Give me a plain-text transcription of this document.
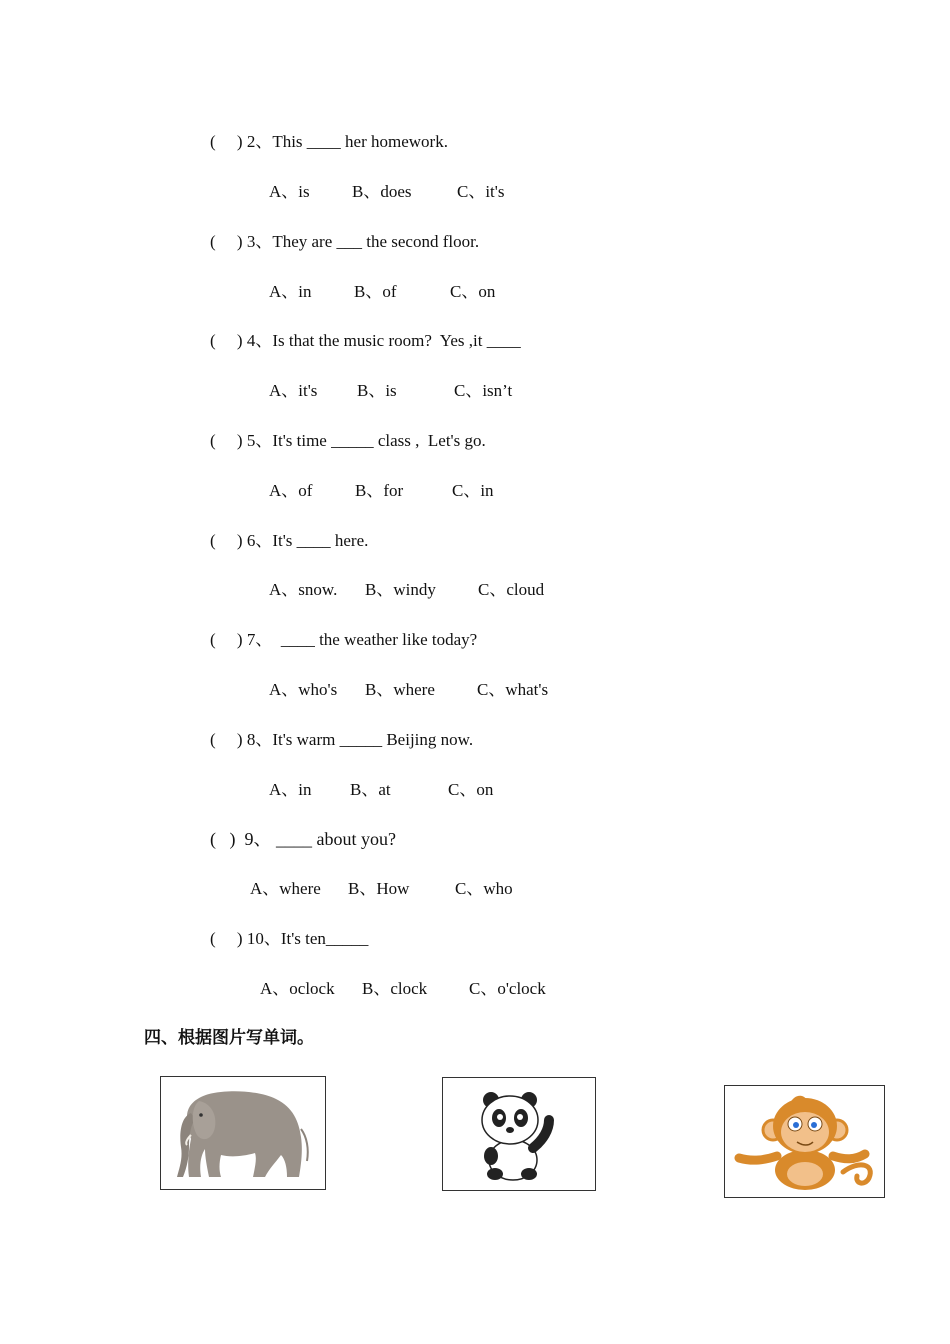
(     ) 2、This ____ her homework.

A、is

B、does

	C、it's

(     ) 3、They are ___ the second floor.

A、in

	B、of

	C、on

(     ) 4、Is that the music room?  Yes ,it ____

A、it's

B、is

	C、isn’t

(     ) 5、It's time _____ class ,  Let's go.

A、of

	B、for

	C、in

(     ) 6、It's ____ here.

A、snow.

B、windy

C、cloud

(     ) 7、  ____ the weather like today?

A、who's

B、where

C、what's

(     ) 8、It's warm _____ Beijing now.

A、in

B、at

	C、on

(   )  9、 ____ about you?

A、where

B、How

	C、who

(     ) 10、It's ten_____

A、oclock

B、clock

C、o'clock

四、根据图片写单词。
